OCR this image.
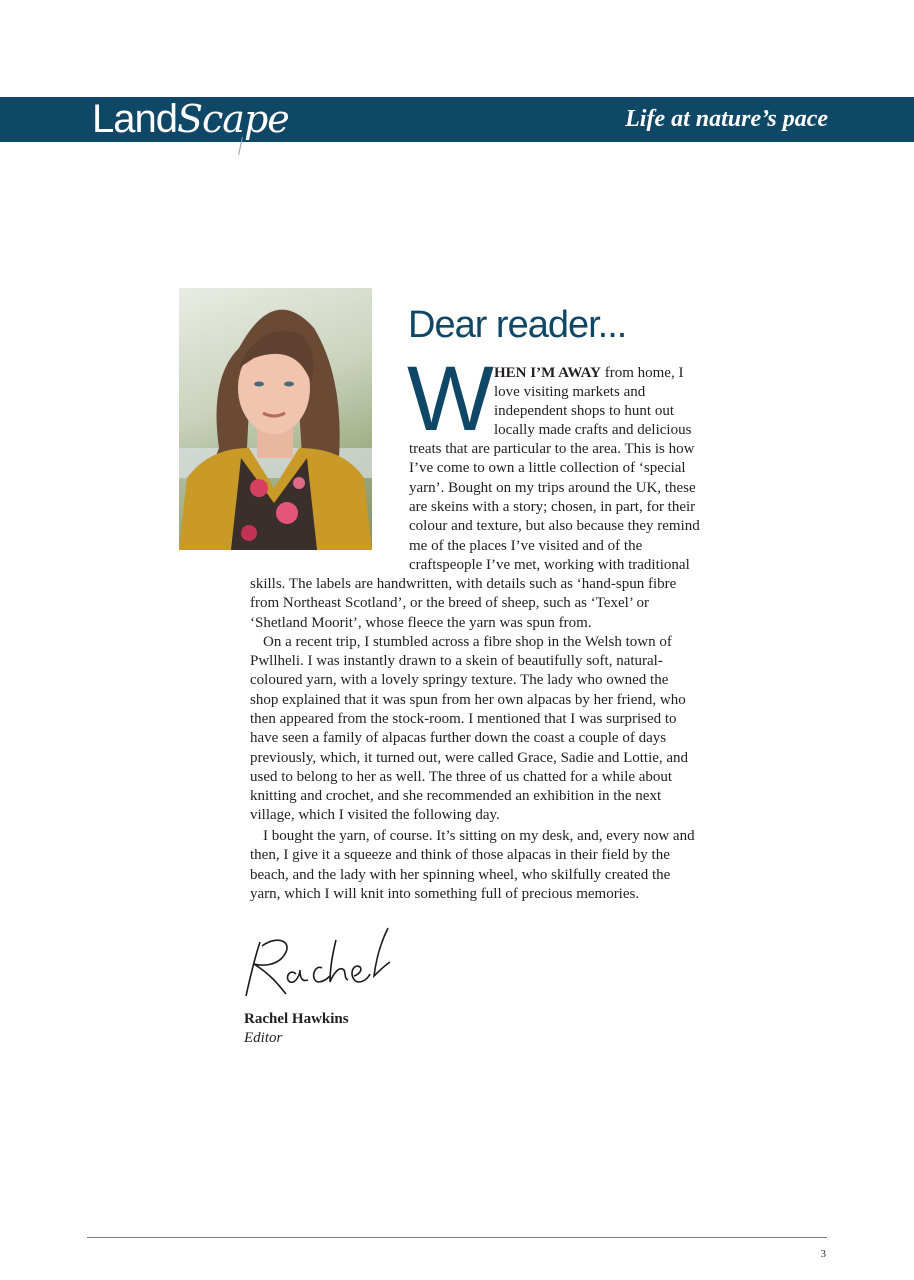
LandScape	Life at nature’s pace
Dear reader...
W HEN I’M AWAY from home, I
love visiting markets and
independent shops to hunt out
locally made crafts and delicious
treats that are particular to the area. This is how
I’ve come to own a little collection of ‘special
yarn’. Bought on my trips around the UK, these
are skeins with a story; chosen, in part, for their
colour and texture, but also because they remind
me of the places I’ve visited and of the
craftspeople I’ve met, working with traditional
skills. The labels are handwritten, with details such as ‘hand-spun fibre
from Northeast Scotland’, or the breed of sheep, such as ‘Texel’ or
‘Shetland Moorit’, whose fleece the yarn was spun from.
On a recent trip, I stumbled across a fibre shop in the Welsh town of
Pwllheli. I was instantly drawn to a skein of beautifully soft, natural-
coloured yarn, with a lovely springy texture. The lady who owned the
shop explained that it was spun from her own alpacas by her friend, who
then appeared from the stock-room. I mentioned that I was surprised to
have seen a family of alpacas further down the coast a couple of days
previously, which, it turned out, were called Grace, Sadie and Lottie, and
used to belong to her as well. The three of us chatted for a while about
knitting and crochet, and she recommended an exhibition in the next
village, which I visited the following day.
I bought the yarn, of course. It’s sitting on my desk, and, every now and
then, I give it a squeeze and think of those alpacas in their field by the
beach, and the lady with her spinning wheel, who skilfully created the
yarn, which I will knit into something full of precious memories.
Rachel
Rachel Hawkins
Editor
3
